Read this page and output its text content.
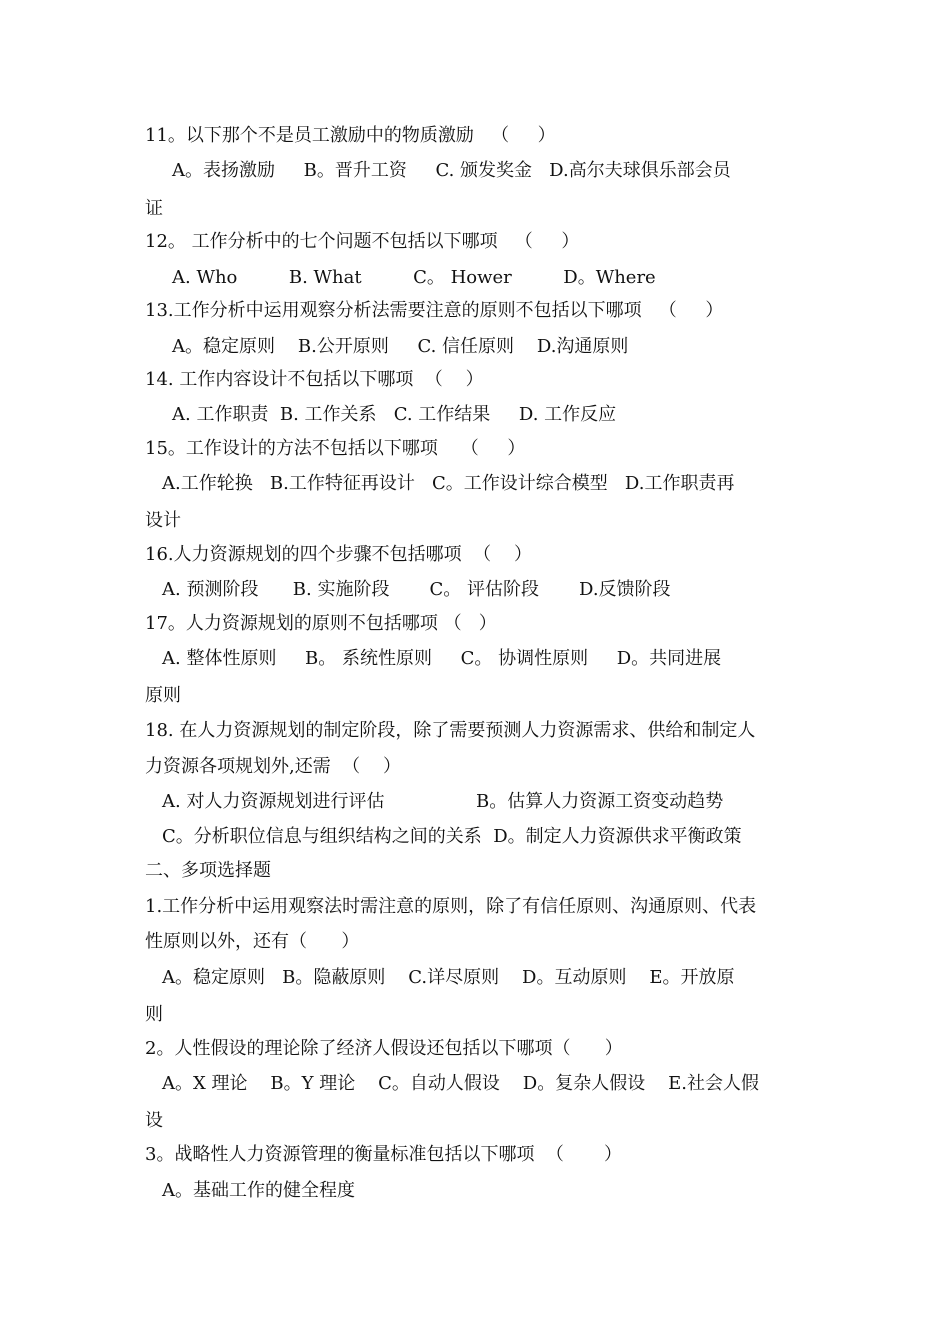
11。以下那个不是员工激励中的物质激励   （     ）
A。表扬激励     B。晋升工资     C. 颁发奖金   D.高尔夫球俱乐部会员
证
12。 工作分析中的七个问题不包括以下哪项   （     ）
A. Who         B. What         C。 Hower         D。Where
13.工作分析中运用观察分析法需要注意的原则不包括以下哪项   （     ）
A。稳定原则    B.公开原则     C. 信任原则    D.沟通原则
14. 工作内容设计不包括以下哪项  （    ）
A. 工作职责  B. 工作关系   C. 工作结果     D. 工作反应
15。工作设计的方法不包括以下哪项    （     ）
A.工作轮换   B.工作特征再设计   C。工作设计综合模型   D.工作职责再
设计
16.人力资源规划的四个步骤不包括哪项  （    ）
A. 预测阶段      B. 实施阶段       C。 评估阶段       D.反馈阶段
17。人力资源规划的原则不包括哪项 （   ）
A. 整体性原则     B。 系统性原则     C。 协调性原则     D。共同进展
原则
18. 在人力资源规划的制定阶段，除了需要预测人力资源需求、供给和制定人
力资源各项规划外,还需  （    ）
A. 对人力资源规划进行评估                B。估算人力资源工资变动趋势
C。分析职位信息与组织结构之间的关系  D。制定人力资源供求平衡政策
二、多项选择题
1.工作分析中运用观察法时需注意的原则，除了有信任原则、沟通原则、代表
性原则以外，还有（      ）
A。稳定原则   B。隐蔽原则    C.详尽原则    D。互动原则    E。开放原
则
2。人性假设的理论除了经济人假设还包括以下哪项（      ）
A。X 理论    B。Y 理论    C。自动人假设    D。复杂人假设    E.社会人假
设
3。战略性人力资源管理的衡量标准包括以下哪项  （       ）
A。基础工作的健全程度
